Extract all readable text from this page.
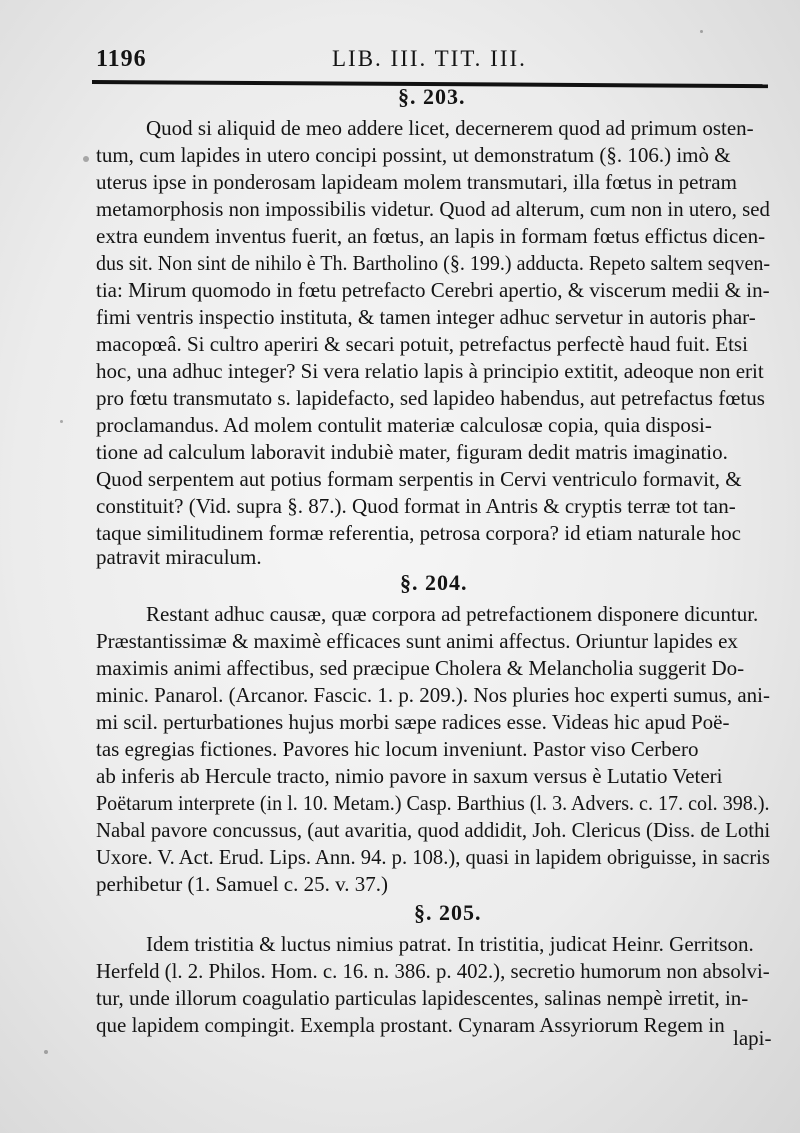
1196	LIB. III. TIT. III.
§. 203.
Quod si aliquid de meo addere licet, decernerem quod ad primum osten-
tum, cum lapides in utero concipi possint, ut demonstratum (§. 106.) imò &
uterus ipse in ponderosam lapideam molem transmutari, illa fœtus in petram
metamorphosis non impossibilis videtur. Quod ad alterum, cum non in utero, sed
extra eundem inventus fuerit, an fœtus, an lapis in formam fœtus effictus dicen-
dus sit. Non sint de nihilo è Th. Bartholino (§. 199.) adducta. Repeto saltem seqven-
tia: Mirum quomodo in fœtu petrefacto Cerebri apertio, & viscerum medii & in-
fimi ventris inspectio instituta, & tamen integer adhuc servetur in autoris phar-
macopœâ. Si cultro aperiri & secari potuit, petrefactus perfectè haud fuit. Etsi
hoc, una adhuc integer? Si vera relatio lapis à principio extitit, adeoque non erit
pro fœtu transmutato s. lapidefacto, sed lapideo habendus, aut petrefactus fœtus
proclamandus. Ad molem contulit materiæ calculosæ copia, quia disposi-
tione ad calculum laboravit indubiè mater, figuram dedit matris imaginatio.
Quod serpentem aut potius formam serpentis in Cervi ventriculo formavit, &
constituit? (Vid. supra §. 87.). Quod format in Antris & cryptis terræ tot tan-
taque similitudinem formæ referentia, petrosa corpora? id etiam naturale hoc
patravit miraculum.
§. 204.
Restant adhuc causæ, quæ corpora ad petrefactionem disponere dicuntur.
Præstantissimæ & maximè efficaces sunt animi affectus. Oriuntur lapides ex
maximis animi affectibus, sed præcipue Cholera & Melancholia suggerit Do-
minic. Panarol. (Arcanor. Fascic. 1. p. 209.). Nos pluries hoc experti sumus, ani-
mi scil. perturbationes hujus morbi sæpe radices esse. Videas hic apud Poë-
tas egregias fictiones. Pavores hic locum inveniunt. Pastor viso Cerbero
ab inferis ab Hercule tracto, nimio pavore in saxum versus è Lutatio Veteri
Poëtarum interprete (in l. 10. Metam.) Casp. Barthius (l. 3. Advers. c. 17. col. 398.).
Nabal pavore concussus, (aut avaritia, quod addidit, Joh. Clericus (Diss. de Lothi
Uxore. V. Act. Erud. Lips. Ann. 94. p. 108.), quasi in lapidem obriguisse, in sacris
perhibetur (1. Samuel c. 25. v. 37.)
§. 205.
Idem tristitia & luctus nimius patrat. In tristitia, judicat Heinr. Gerritson.
Herfeld (l. 2. Philos. Hom. c. 16. n. 386. p. 402.), secretio humorum non absolvi-
tur, unde illorum coagulatio particulas lapidescentes, salinas nempè irretit, in-
que lapidem compingit. Exempla prostant. Cynaram Assyriorum Regem in
lapi-
